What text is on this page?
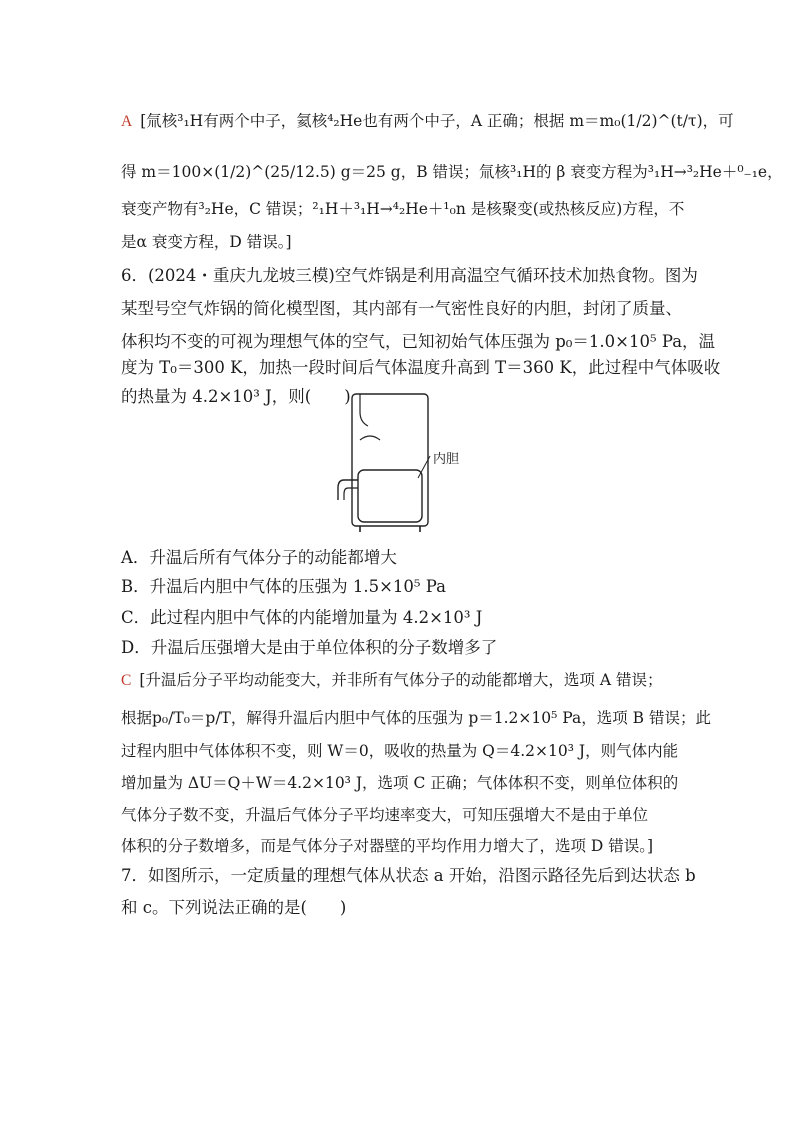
A [氚核³₁H有两个中子，氦核⁴₂He也有两个中子，A 正确；根据 m＝m₀(1/2)^(t/τ)，可
得 m＝100×(1/2)^(25/12.5) g＝25 g，B 错误；氚核³₁H的 β 衰变方程为³₁H→³₂He＋⁰₋₁e，
衰变产物有³₂He，C 错误；²₁H＋³₁H→⁴₂He＋¹₀n 是核聚变(或热核反应)方程，不
是α 衰变方程，D 错误。]
6．(2024・重庆九龙坡三模)空气炸锅是利用高温空气循环技术加热食物。图为
某型号空气炸锅的简化模型图，其内部有一气密性良好的内胆，封闭了质量、
体积均不变的可视为理想气体的空气，已知初始气体压强为 p₀＝1.0×10⁵ Pa，温
度为 T₀＝300 K，加热一段时间后气体温度升高到 T＝360 K，此过程中气体吸收
的热量为 4.2×10³ J，则(　　)
内胆
A．升温后所有气体分子的动能都增大
B．升温后内胆中气体的压强为 1.5×10⁵ Pa
C．此过程内胆中气体的内能增加量为 4.2×10³ J
D．升温后压强增大是由于单位体积的分子数增多了
C [升温后分子平均动能变大，并非所有气体分子的动能都增大，选项 A 错误；
根据p₀/T₀＝p/T，解得升温后内胆中气体的压强为 p＝1.2×10⁵ Pa，选项 B 错误；此
过程内胆中气体体积不变，则 W＝0，吸收的热量为 Q＝4.2×10³ J，则气体内能
增加量为 ΔU＝Q＋W＝4.2×10³ J，选项 C 正确；气体体积不变，则单位体积的
气体分子数不变，升温后气体分子平均速率变大，可知压强增大不是由于单位
体积的分子数增多，而是气体分子对器壁的平均作用力增大了，选项 D 错误。]
7．如图所示，一定质量的理想气体从状态 a 开始，沿图示路径先后到达状态 b
和 c。下列说法正确的是(　　)
